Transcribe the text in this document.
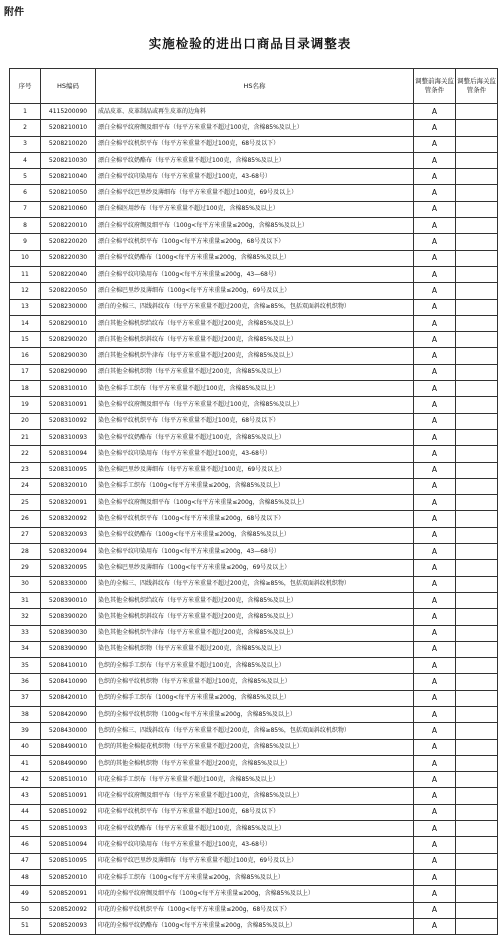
附件
实施检验的进出口商品目录调整表
序号	HS编码	HS名称	调整前海关监管条件	调整后海关监管条件
1	4115200090	成品皮革、皮革制品或再生皮革的边角料	A	
2	5208210010	漂白全棉平纹府绸及细平布（每平方米重量不超过100克，含棉85%及以上）	A	
3	5208210020	漂白全棉平纹机织平布（每平方米重量不超过100克，68号及以下）	A	
4	5208210030	漂白全棉平纹奶酪布（每平方米重量不超过100克，含棉85%及以上）	A	
5	5208210040	漂白全棉平纹印染用布（每平方米重量不超过100克，43-68号）	A	
6	5208210050	漂白全棉平纹巴里纱及薄细布（每平方米重量不超过100克，69号及以上）	A	
7	5208210060	漂白全棉医用纱布（每平方米重量不超过100克，含棉85%及以上）	A	
8	5208220010	漂白全棉平纹府绸及细平布（100g<每平方米重量≤200g，含棉85%及以上）	A	
9	5208220020	漂白全棉平纹机织平布（100g<每平方米重量≤200g，68号及以下）	A	
10	5208220030	漂白全棉平纹奶酪布（100g<每平方米重量≤200g，含棉85%及以上）	A	
11	5208220040	漂白全棉平纹印染用布（100g<每平方米重量≤200g，43—68号）	A	
12	5208220050	漂白全棉巴里纱及薄细布（100g<每平方米重量≤200g，69号及以上）	A	
13	5208230000	漂白的全棉三、四线斜纹布（每平方米重量不超过200克，含棉≥85%，包括双面斜纹机织物）	A	
14	5208290010	漂白其他全棉机织绉纹布（每平方米重量不超过200克，含棉85%及以上）	A	
15	5208290020	漂白其他全棉机织斜纹布（每平方米重量不超过200克，含棉85%及以上）	A	
16	5208290030	漂白其他全棉机织牛津布（每平方米重量不超过200克，含棉85%及以上）	A	
17	5208290090	漂白其他全棉机织物（每平方米重量不超过200克，含棉85%及以上）	A	
18	5208310010	染色全棉手工织布（每平方米重量不超过100克，含棉85%及以上）	A	
19	5208310091	染色全棉平纹府绸及细平布（每平方米重量不超过100克，含棉85%及以上）	A	
20	5208310092	染色全棉平纹机织平布（每平方米重量不超过100克，68号及以下）	A	
21	5208310093	染色全棉平纹奶酪布（每平方米重量不超过100克，含棉85%及以上）	A	
22	5208310094	染色全棉平纹印染用布（每平方米重量不超过100克，43-68号）	A	
23	5208310095	染色全棉巴里纱及薄细布（每平方米重量不超过100克，69号及以上）	A	
24	5208320010	染色全棉手工织布（100g<每平方米重量≤200g，含棉85%及以上）	A	
25	5208320091	染色全棉平纹府绸及细平布（100g<每平方米重量≤200g，含棉85%及以上）	A	
26	5208320092	染色全棉平纹机织平布（100g<每平方米重量≤200g，68号及以下）	A	
27	5208320093	染色全棉平纹奶酪布（100g<每平方米重量≤200g，含棉85%及以上）	A	
28	5208320094	染色全棉平纹印染用布（100g<每平方米重量≤200g，43—68号）	A	
29	5208320095	染色全棉巴里纱及薄细布（100g<每平方米重量≤200g，69号及以上）	A	
30	5208330000	染色的全棉三、四线斜纹布（每平方米重量不超过200克，含棉≥85%，包括双面斜纹机织物）	A	
31	5208390010	染色其他全棉机织绉纹布（每平方米重量不超过200克，含棉85%及以上）	A	
32	5208390020	染色其他全棉机织斜纹布（每平方米重量不超过200克，含棉85%及以上）	A	
33	5208390030	染色其他全棉机织牛津布（每平方米重量不超过200克，含棉85%及以上）	A	
34	5208390090	染色其他全棉机织物（每平方米重量不超过200克，含棉85%及以上）	A	
35	5208410010	色织的全棉手工织布（每平方米重量不超过100克，含棉85%及以上）	A	
36	5208410090	色织的全棉平纹机织物（每平方米重量不超过100克，含棉85%及以上）	A	
37	5208420010	色织的全棉手工织布（100g<每平方米重量≤200g，含棉85%及以上）	A	
38	5208420090	色织的全棉平纹机织物（100g<每平方米重量≤200g，含棉85%及以上）	A	
39	5208430000	色织的全棉三、四线斜纹布（每平方米重量不超过200克，含棉≥85%，包括双面斜纹机织物）	A	
40	5208490010	色织的其他全棉提花机织物（每平方米重量不超过200克，含棉85%及以上）	A	
41	5208490090	色织的其他全棉机织物（每平方米重量不超过200克，含棉85%及以上）	A	
42	5208510010	印花全棉手工织布（每平方米重量不超过100克，含棉85%及以上）	A	
43	5208510091	印花全棉平纹府绸及细平布（每平方米重量不超过100克，含棉85%及以上）	A	
44	5208510092	印花全棉平纹机织平布（每平方米重量不超过100克，68号及以下）	A	
45	5208510093	印花全棉平纹奶酪布（每平方米重量不超过100克，含棉85%及以上）	A	
46	5208510094	印花全棉平纹印染用布（每平方米重量不超过100克，43-68号）	A	
47	5208510095	印花全棉平纹巴里纱及薄细布（每平方米重量不超过100克，69号及以上）	A	
48	5208520010	印花全棉手工织布（100g<每平方米重量≤200g，含棉85%及以上）	A	
49	5208520091	印花的全棉平纹府绸及细平布（100g<每平方米重量≤200g，含棉85%及以上）	A	
50	5208520092	印花的全棉平纹机织平布（100g<每平方米重量≤200g，68号及以下）	A	
51	5208520093	印花的全棉平纹奶酪布（100g<每平方米重量≤200g，含棉85%及以上）	A	
